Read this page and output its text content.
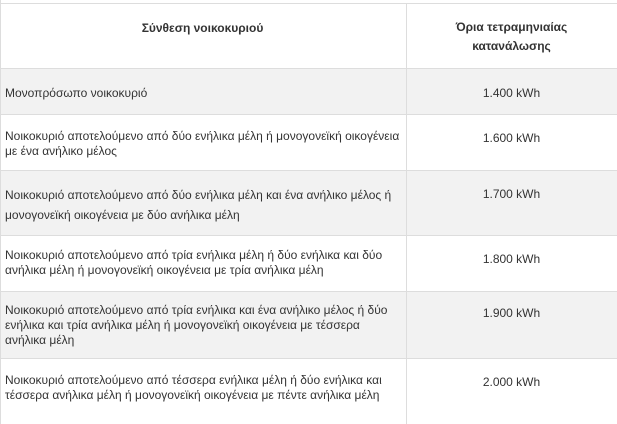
Σύνθεση νοικοκυριού	Όρια τετραμηνιαίας κατανάλωσης
Μονοπρόσωπο νοικοκυριό	1.400 kWh
Νοικοκυριό αποτελούμενο από δύο ενήλικα μέλη ή μονογονεϊκή οικογένεια με ένα ανήλικο μέλος
1.600 kWh
Νοικοκυριό αποτελούμενο από δύο ενήλικα μέλη και ένα ανήλικο μέλος ή μονογονεϊκή οικογένεια με δύο ανήλικα μέλη
1.700 kWh
Νοικοκυριό αποτελούμενο από τρία ενήλικα μέλη ή δύο ενήλικα και δύο ανήλικα μέλη ή μονογονεϊκή οικογένεια με τρία ανήλικα μέλη
1.800 kWh
Νοικοκυριό αποτελούμενο από τρία ενήλικα και ένα ανήλικο μέλος ή δύο ενήλικα και τρία ανήλικα μέλη ή μονογονεϊκή οικογένεια με τέσσερα ανήλικα μέλη
1.900 kWh
Νοικοκυριό αποτελούμενο από τέσσερα ενήλικα μέλη ή δύο ενήλικα και τέσσερα ανήλικα μέλη ή μονογονεϊκή οικογένεια με πέντε ανήλικα μέλη
2.000 kWh
